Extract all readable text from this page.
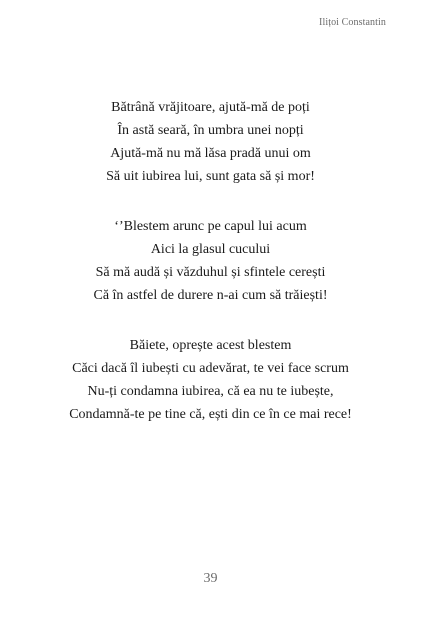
Ilițoi Constantin
Bătrână vrăjitoare, ajută-mă de poți
În astă seară, în umbra unei nopți
Ajută-mă nu mă lăsa pradă unui om
Să uit iubirea lui, sunt gata să și mor!
‘’Blestem arunc pe capul lui acum
Aici la glasul cucului
Să mă audă și văzduhul și sfintele cerești
Că în astfel de durere n-ai cum să trăiești!
Băiete, oprește acest blestem
Căci dacă îl iubești cu adevărat, te vei face scrum
Nu-ți condamna iubirea, că ea nu te iubește,
Condamnă-te pe tine că, ești din ce în ce mai rece!
39
